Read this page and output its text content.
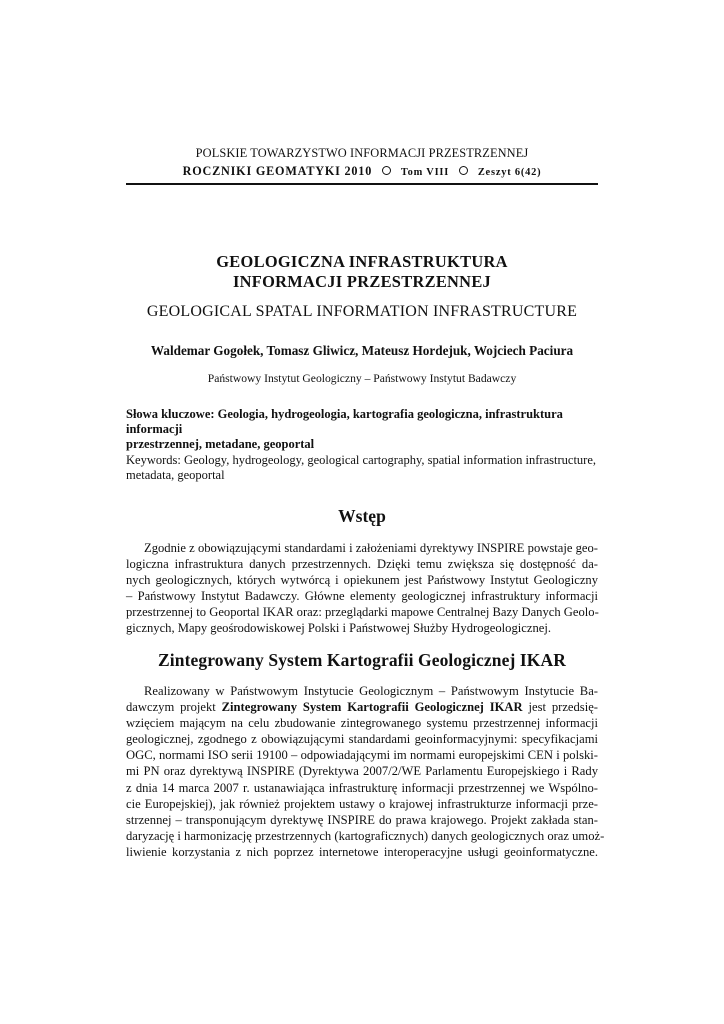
POLSKIE TOWARZYSTWO INFORMACJI PRZESTRZENNEJ
ROCZNIKI GEOMATYKI 2010	Tom VIII	Zeszyt 6(42)
GEOLOGICZNA INFRASTRUKTURA
INFORMACJI PRZESTRZENNEJ
GEOLOGICAL SPATAL INFORMATION INFRASTRUCTURE
Waldemar Gogołek, Tomasz Gliwicz, Mateusz Hordejuk, Wojciech Paciura
Państwowy Instytut Geologiczny – Państwowy Instytut Badawczy
Słowa kluczowe: Geologia, hydrogeologia, kartografia geologiczna, infrastruktura informacji
przestrzennej, metadane, geoportal
Keywords: Geology, hydrogeology, geological cartography, spatial information infrastructure,
metadata, geoportal
Wstęp
Zgodnie z obowiązującymi standardami i założeniami dyrektywy INSPIRE powstaje geo-
logiczna infrastruktura danych przestrzennych. Dzięki temu zwiększa się dostępność da-
nych geologicznych, których wytwórcą i opiekunem jest Państwowy Instytut Geologiczny
– Państwowy Instytut Badawczy. Główne elementy geologicznej infrastruktury informacji
przestrzennej to Geoportal IKAR oraz: przeglądarki mapowe Centralnej Bazy Danych Geolo-
gicznych, Mapy geośrodowiskowej Polski i Państwowej Służby Hydrogeologicznej.
Zintegrowany System Kartografii Geologicznej IKAR
Realizowany w Państwowym Instytucie Geologicznym – Państwowym Instytucie Ba-
dawczym projekt Zintegrowany System Kartografii Geologicznej IKAR jest przedsię-
wzięciem mającym na celu zbudowanie zintegrowanego systemu przestrzennej informacji
geologicznej, zgodnego z obowiązującymi standardami geoinformacyjnymi: specyfikacjami
OGC, normami ISO serii 19100 – odpowiadającymi im normami europejskimi CEN i polski-
mi PN oraz dyrektywą INSPIRE (Dyrektywa 2007/2/WE Parlamentu Europejskiego i Rady
z dnia 14 marca 2007 r. ustanawiająca infrastrukturę informacji przestrzennej we Wspólno-
cie Europejskiej), jak również projektem ustawy o krajowej infrastrukturze informacji prze-
strzennej – transponującym dyrektywę INSPIRE do prawa krajowego. Projekt zakłada stan-
daryzację i harmonizację przestrzennych (kartograficznych) danych geologicznych oraz umoż-
liwienie korzystania z nich poprzez internetowe interoperacyjne usługi geoinformatyczne.
